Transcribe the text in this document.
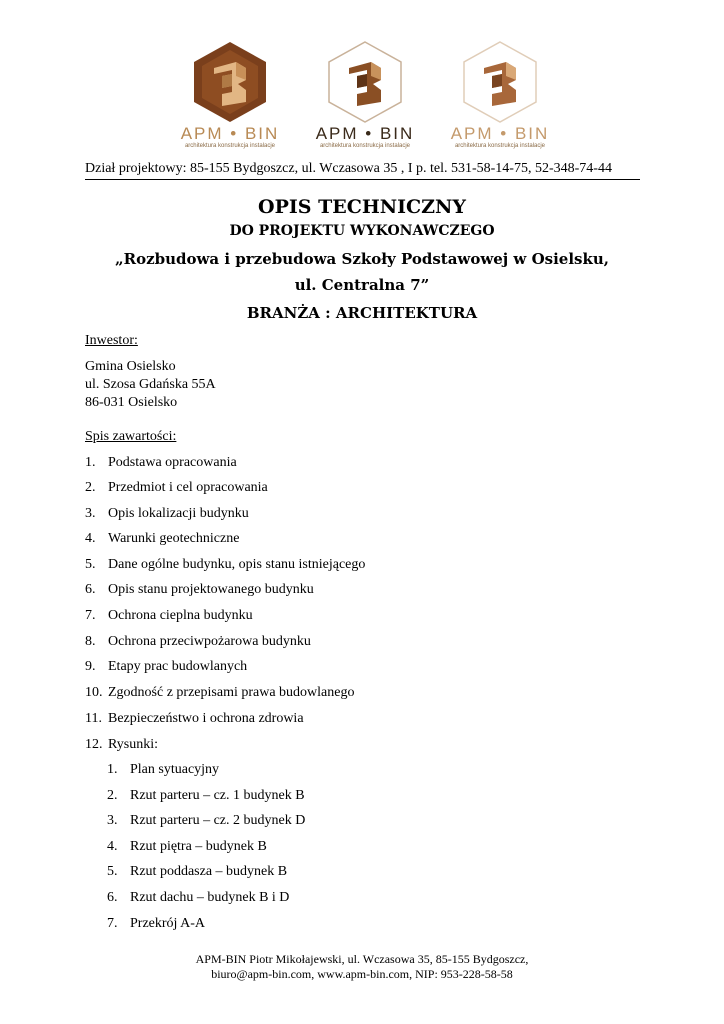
APM • BIN
architektura konstrukcja instalacje
APM • BIN
architektura konstrukcja instalacje
APM • BIN
architektura konstrukcja instalacje
Dział projektowy: 85-155 Bydgoszcz, ul. Wczasowa 35 , I p. tel. 531-58-14-75, 52-348-74-44
OPIS TECHNICZNY
DO PROJEKTU WYKONAWCZEGO
„Rozbudowa i przebudowa Szkoły Podstawowej w Osielsku,
ul. Centralna 7”
BRANŻA : ARCHITEKTURA
Inwestor:
Gmina Osielsko
ul. Szosa Gdańska 55A
86-031 Osielsko
Spis zawartości:
1. Podstawa opracowania
2. Przedmiot i cel opracowania
3. Opis lokalizacji budynku
4. Warunki geotechniczne
5. Dane ogólne budynku, opis stanu istniejącego
6. Opis stanu projektowanego budynku
7. Ochrona cieplna budynku
8. Ochrona przeciwpożarowa budynku
9. Etapy prac budowlanych
10. Zgodność z przepisami prawa budowlanego
11. Bezpieczeństwo i ochrona zdrowia
12. Rysunki:
1. Plan sytuacyjny
2. Rzut parteru – cz. 1 budynek B
3. Rzut parteru – cz. 2 budynek D
4. Rzut piętra – budynek B
5. Rzut poddasza – budynek B
6. Rzut dachu – budynek B i D
7. Przekrój A-A
APM-BIN Piotr Mikołajewski, ul. Wczasowa 35, 85-155 Bydgoszcz,
biuro@apm-bin.com, www.apm-bin.com, NIP: 953-228-58-58
